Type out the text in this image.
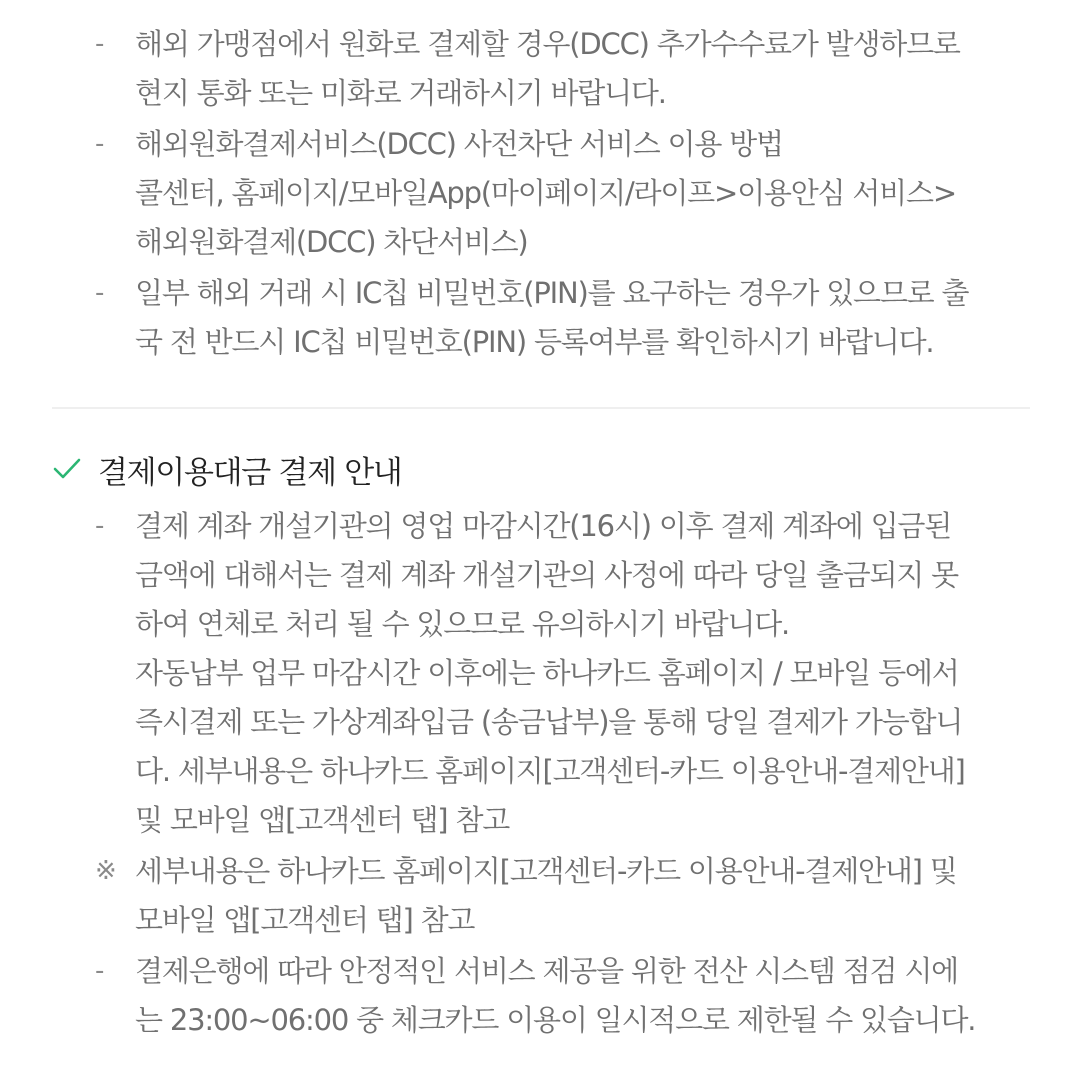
-	해외 가맹점에서 원화로 결제할 경우(DCC) 추가수수료가 발생하므로
현지 통화 또는 미화로 거래하시기 바랍니다.
-	해외원화결제서비스(DCC) 사전차단 서비스 이용 방법
콜센터, 홈페이지/모바일App(마이페이지/라이프>이용안심 서비스>
해외원화결제(DCC) 차단서비스)
-	일부 해외 거래 시 IC칩 비밀번호(PIN)를 요구하는 경우가 있으므로 출
국 전 반드시 IC칩 비밀번호(PIN) 등록여부를 확인하시기 바랍니다.
결제이용대금 결제 안내
-	결제 계좌 개설기관의 영업 마감시간(16시) 이후 결제 계좌에 입금된
금액에 대해서는 결제 계좌 개설기관의 사정에 따라 당일 출금되지 못
하여 연체로 처리 될 수 있으므로 유의하시기 바랍니다.
자동납부 업무 마감시간 이후에는 하나카드 홈페이지 / 모바일 등에서
즉시결제 또는 가상계좌입금 (송금납부)을 통해 당일 결제가 가능합니
다. 세부내용은 하나카드 홈페이지[고객센터-카드 이용안내-결제안내]
및 모바일 앱[고객센터 탭] 참고
※ 세부내용은 하나카드 홈페이지[고객센터-카드 이용안내-결제안내] 및
모바일 앱[고객센터 탭] 참고
-	결제은행에 따라 안정적인 서비스 제공을 위한 전산 시스템 점검 시에
는 23:00~06:00 중 체크카드 이용이 일시적으로 제한될 수 있습니다.
